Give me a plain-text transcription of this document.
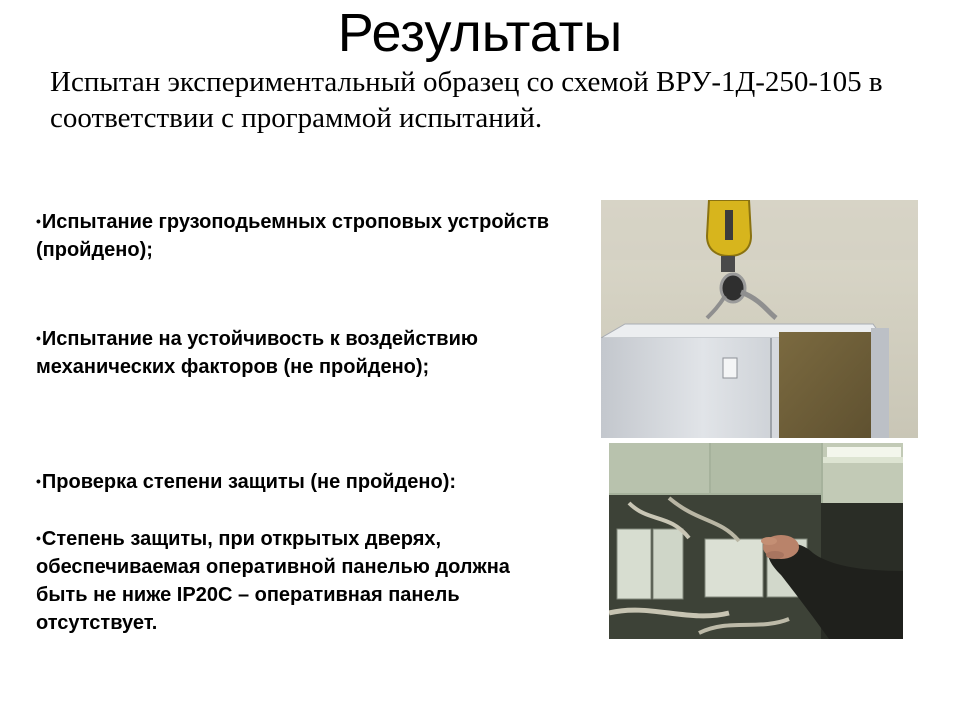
Результаты

Испытан экспериментальный образец со схемой ВРУ-1Д-250-105 в соответствии с программой испытаний.

•Испытание грузоподьемных строповых устройств (пройдено);

•Испытание на устойчивость к воздействию механических факторов (не пройдено);

•Проверка степени защиты (не пройдено):

•Степень защиты, при открытых дверях, обеспечиваемая оперативной панелью должна быть не ниже IP20C – оперативная панель отсутствует.
